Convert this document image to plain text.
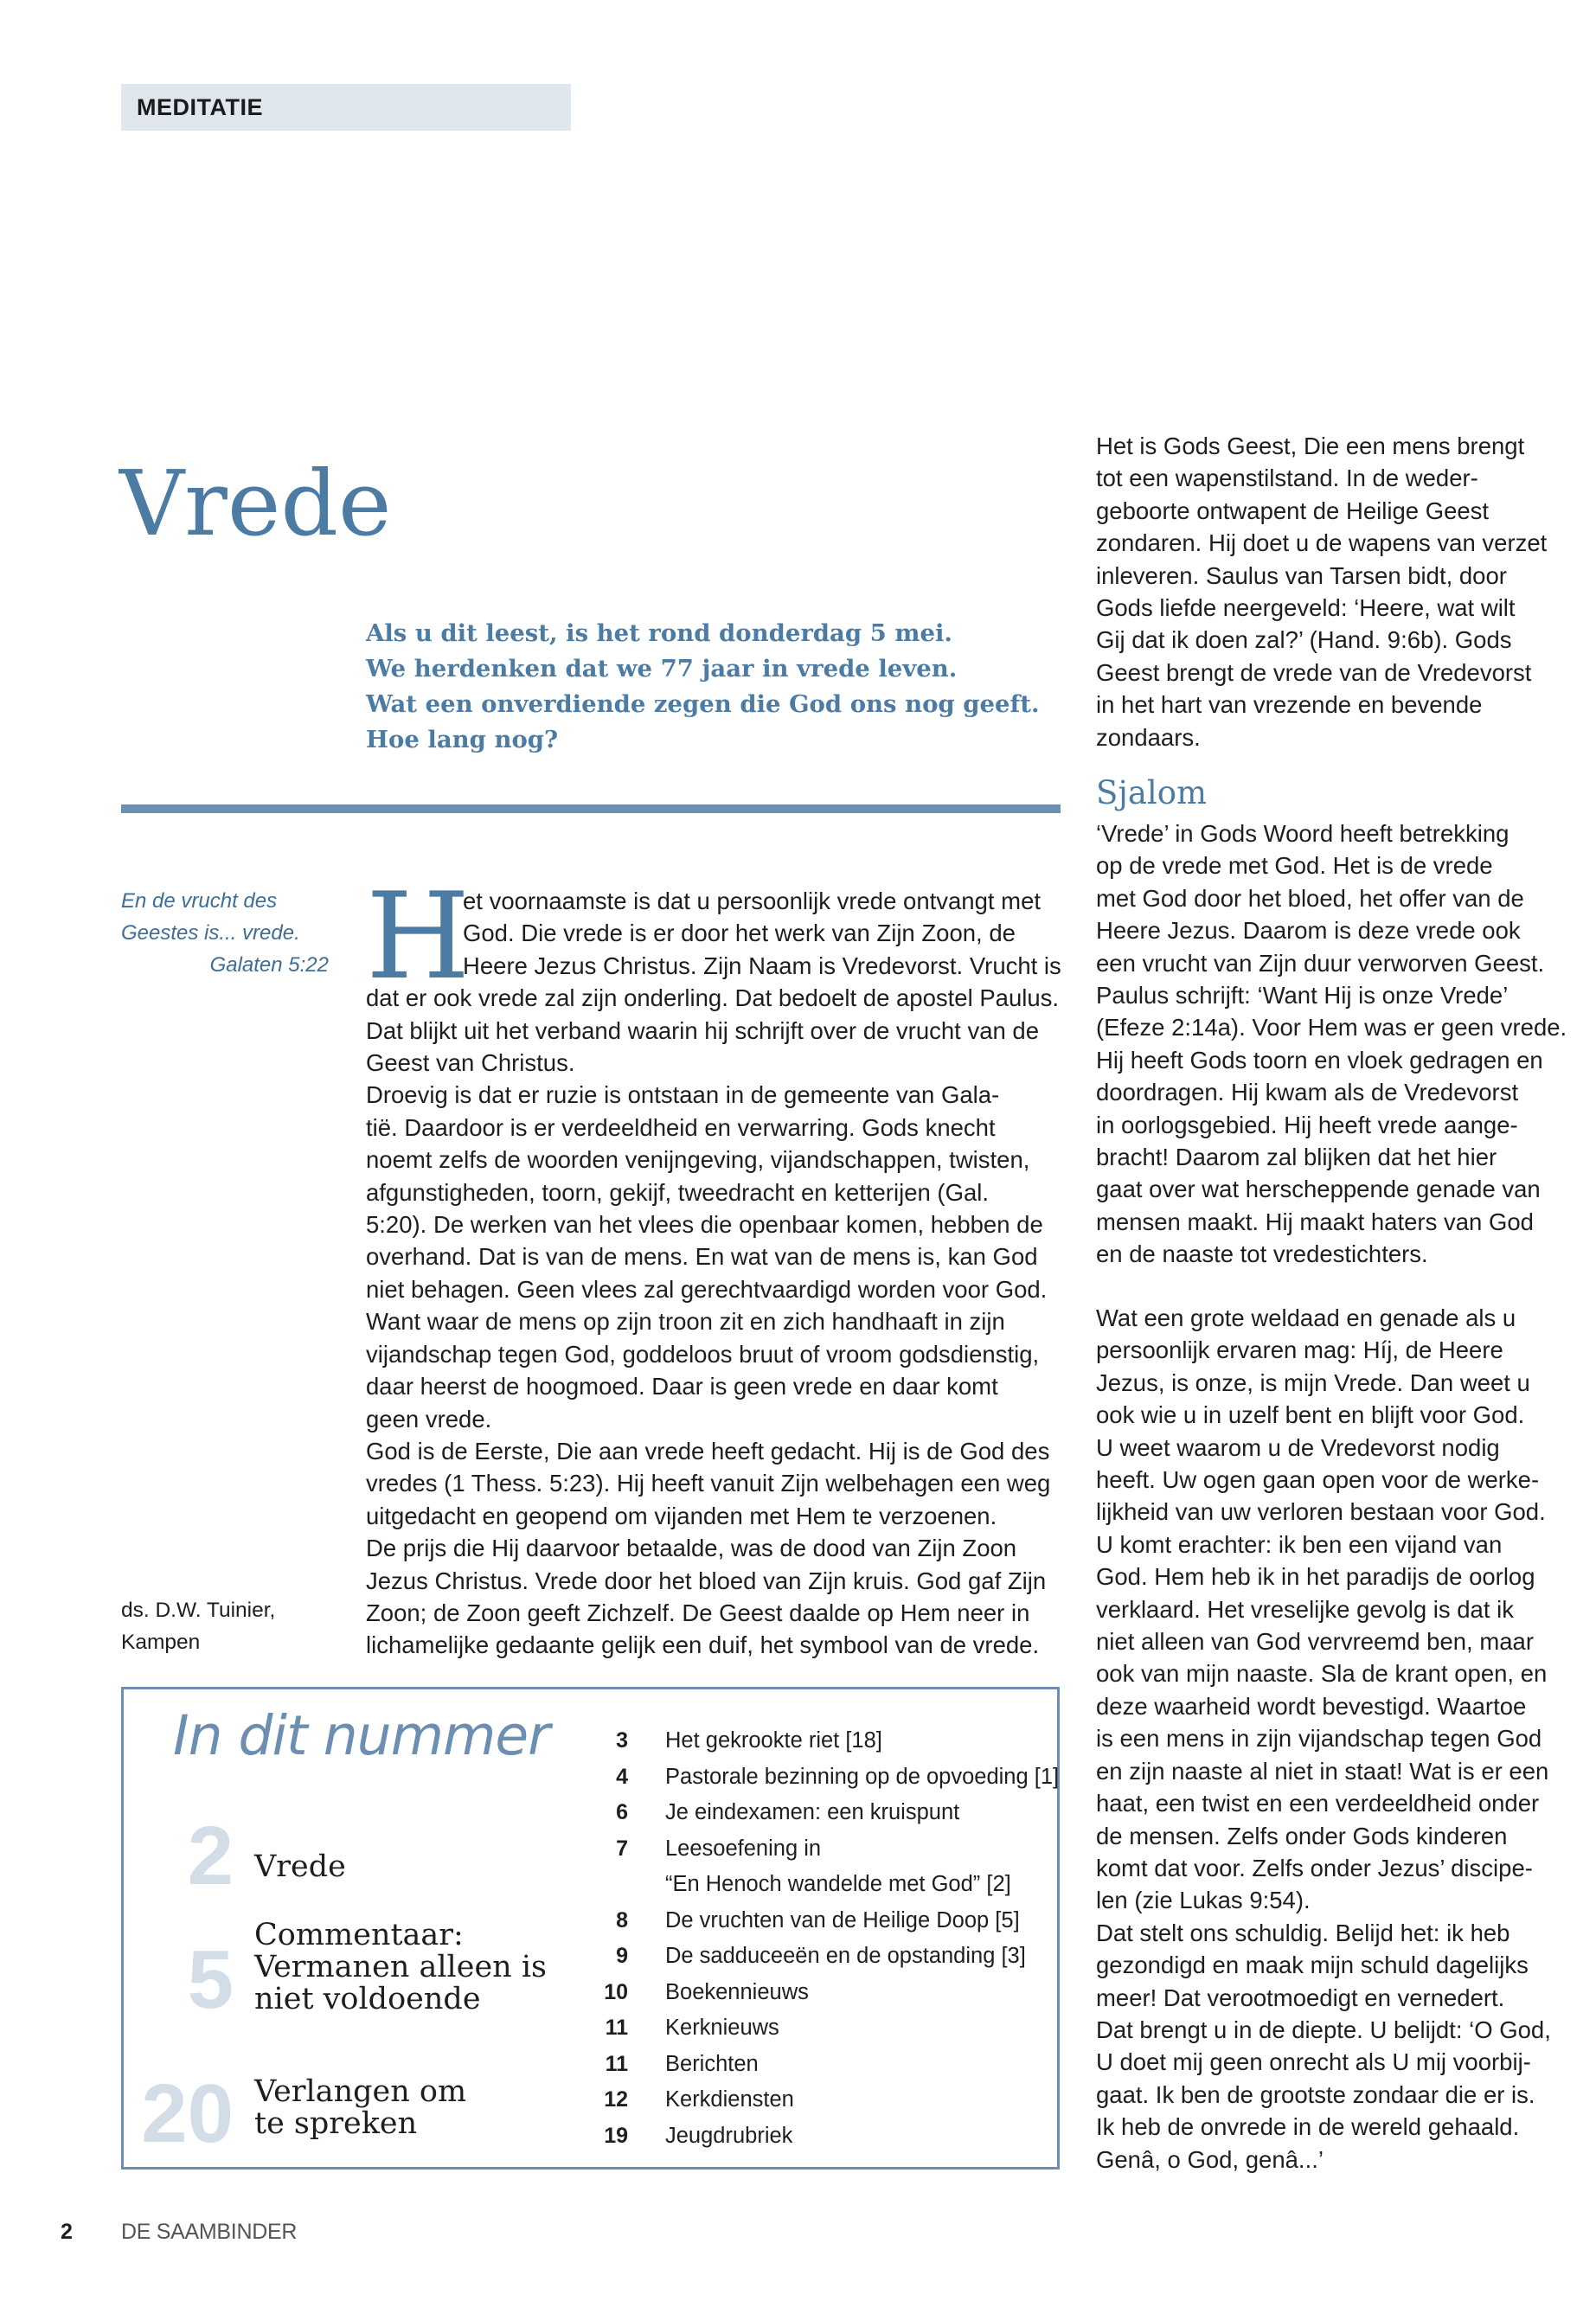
MEDITATIE
Vrede

Als u dit leest, is het rond donderdag 5 mei.

We herdenken dat we 77 jaar in vrede leven.

Wat een onverdiende zegen die God ons nog geeft.

Hoe lang nog?

En de vrucht des

Geestes is... vrede.

Galaten 5:22

ds. D.W. Tuinier,

Kampen

H

et voornaamste is dat u persoonlijk vrede ontvangt met

God. Die vrede is er door het werk van Zijn Zoon, de

Heere Jezus Christus. Zijn Naam is Vredevorst. Vrucht is

dat er ook vrede zal zijn onderling. Dat bedoelt de apostel Paulus.

Dat blijkt uit het verband waarin hij schrijft over de vrucht van de

Geest van Christus.

Droevig is dat er ruzie is ontstaan in de gemeente van Gala-

tië. Daardoor is er verdeeldheid en verwarring. Gods knecht

noemt zelfs de woorden venijngeving, vijandschappen, twisten,

afgunstigheden, toorn, gekijf, tweedracht en ketterijen (Gal.

5:20). De werken van het vlees die openbaar komen, hebben de

overhand. Dat is van de mens. En wat van de mens is, kan God

niet behagen. Geen vlees zal gerechtvaardigd worden voor God.

Want waar de mens op zijn troon zit en zich handhaaft in zijn

vijandschap tegen God, goddeloos bruut of vroom godsdienstig,

daar heerst de hoogmoed. Daar is geen vrede en daar komt

geen vrede.

God is de Eerste, Die aan vrede heeft gedacht. Hij is de God des

vredes (1 Thess. 5:23). Hij heeft vanuit Zijn welbehagen een weg

uitgedacht en geopend om vijanden met Hem te verzoenen.

De prijs die Hij daarvoor betaalde, was de dood van Zijn Zoon

Jezus Christus. Vrede door het bloed van Zijn kruis. God gaf Zijn

Zoon; de Zoon geeft Zichzelf. De Geest daalde op Hem neer in

lichamelijke gedaante gelijk een duif, het symbool van de vrede.

Het is Gods Geest, Die een mens brengt

tot een wapenstilstand. In de weder-

geboorte ontwapent de Heilige Geest

zondaren. Hij doet u de wapens van verzet

inleveren. Saulus van Tarsen bidt, door

Gods liefde neergeveld: ‘Heere, wat wilt

Gij dat ik doen zal?’ (Hand. 9:6b). Gods

Geest brengt de vrede van de Vredevorst

in het hart van vrezende en bevende

zondaars.

Sjalom

‘Vrede’ in Gods Woord heeft betrekking

op de vrede met God. Het is de vrede

met God door het bloed, het offer van de

Heere Jezus. Daarom is deze vrede ook

een vrucht van Zijn duur verworven Geest.

Paulus schrijft: ‘Want Hij is onze Vrede’

(Efeze 2:14a). Voor Hem was er geen vrede.

Hij heeft Gods toorn en vloek gedragen en

doordragen. Hij kwam als de Vredevorst

in oorlogsgebied. Hij heeft vrede aange-

bracht! Daarom zal blijken dat het hier

gaat over wat herscheppende genade van

mensen maakt. Hij maakt haters van God

en de naaste tot vredestichters.

Wat een grote weldaad en genade als u

persoonlijk ervaren mag: Híj, de Heere

Jezus, is onze, is mijn Vrede. Dan weet u

ook wie u in uzelf bent en blijft voor God.

U weet waarom u de Vredevorst nodig

heeft. Uw ogen gaan open voor de werke-

lijkheid van uw verloren bestaan voor God.

U komt erachter: ik ben een vijand van

God. Hem heb ik in het paradijs de oorlog

verklaard. Het vreselijke gevolg is dat ik

niet alleen van God vervreemd ben, maar

ook van mijn naaste. Sla de krant open, en

deze waarheid wordt bevestigd. Waartoe

is een mens in zijn vijandschap tegen God

en zijn naaste al niet in staat! Wat is er een

haat, een twist en een verdeeldheid onder

de mensen. Zelfs onder Gods kinderen

komt dat voor. Zelfs onder Jezus’ discipe-

len (zie Lukas 9:54).

Dat stelt ons schuldig. Belijd het: ik heb

gezondigd en maak mijn schuld dagelijks

meer! Dat verootmoedigt en vernedert.

Dat brengt u in de diepte. U belijdt: ‘O God,

U doet mij geen onrecht als U mij voorbij-

gaat. Ik ben de grootste zondaar die er is.

Ik heb de onvrede in de wereld gehaald.

Genâ, o God, genâ...’

In dit nummer
2 Vrede

5 Commentaar:

Vermanen alleen is

niet voldoende

20 Verlangen om

te spreken

3 Het gekrookte riet [18]
4 Pastorale bezinning op de opvoeding [1]
6 Je eindexamen: een kruispunt
7 Leesoefening in
“En Henoch wandelde met God” [2]
8 De vruchten van de Heilige Doop [5]
9 De sadduceeën en de opstanding [3]
10 Boekennieuws
11 Kerknieuws
11 Berichten
12 Kerkdiensten
19 Jeugdrubriek
2 DE SAAMBINDER
